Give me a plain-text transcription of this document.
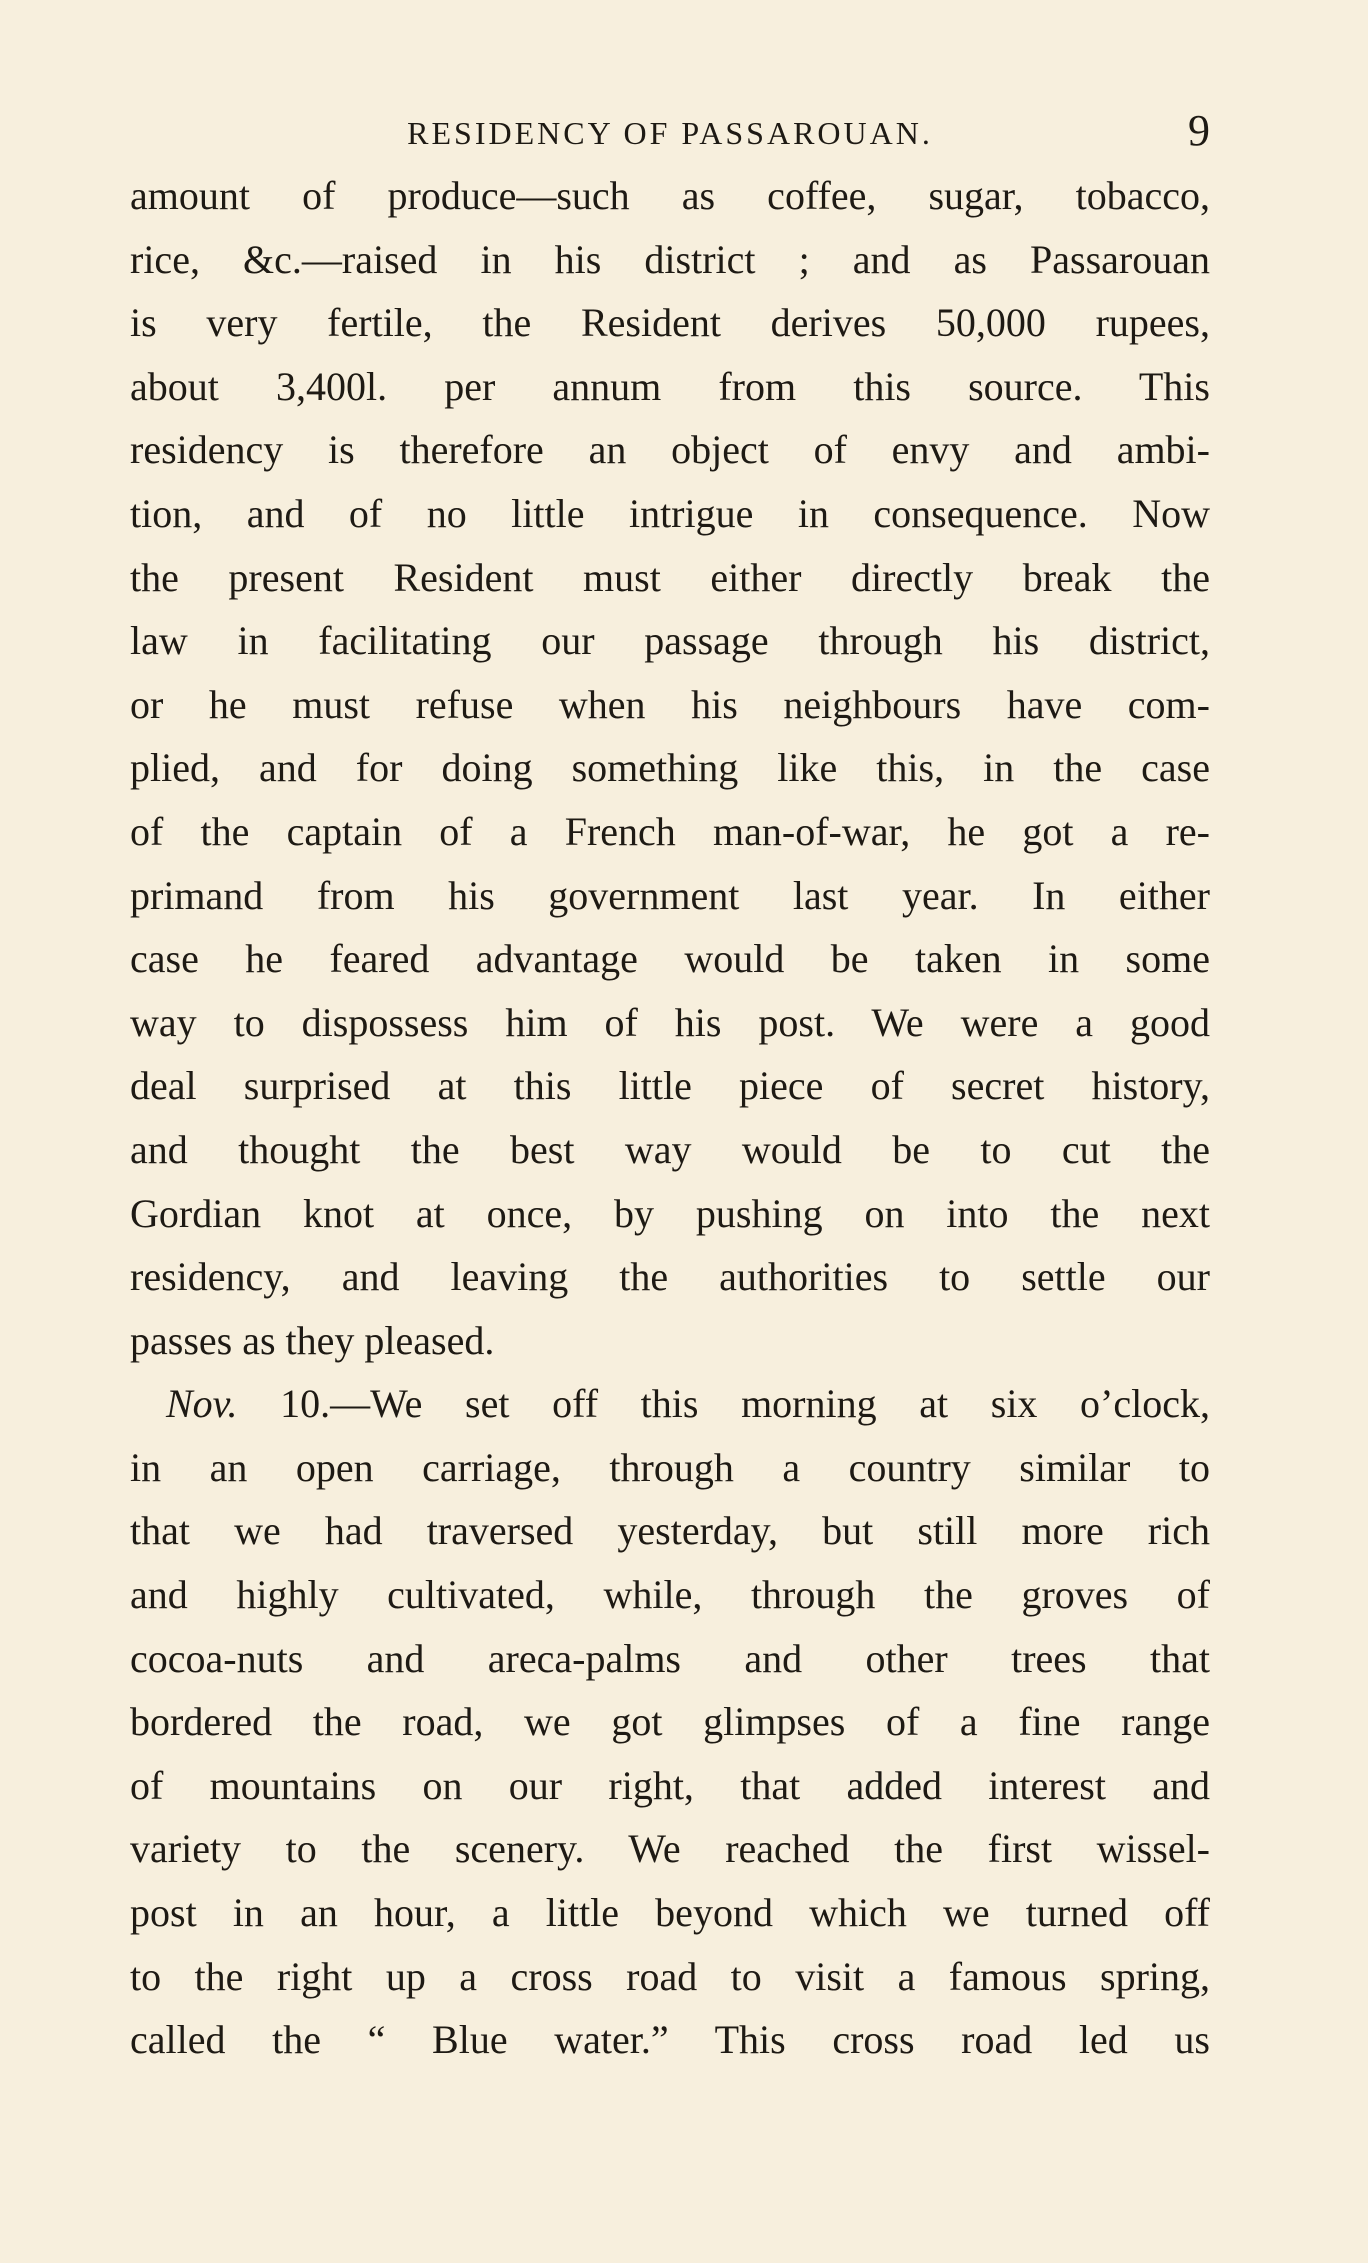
RESIDENCY OF PASSAROUAN.	9
amount of produce—such as coffee, sugar, tobacco,
rice, &c.—raised in his district ; and as Passarouan
is very fertile, the Resident derives 50,000 rupees,
about 3,400l. per annum from this source. This
residency is therefore an object of envy and ambi-
tion, and of no little intrigue in consequence. Now
the present Resident must either directly break the
law in facilitating our passage through his district,
or he must refuse when his neighbours have com-
plied, and for doing something like this, in the case
of the captain of a French man-of-war, he got a re-
primand from his government last year. In either
case he feared advantage would be taken in some
way to dispossess him of his post. We were a good
deal surprised at this little piece of secret history,
and thought the best way would be to cut the
Gordian knot at once, by pushing on into the next
residency, and leaving the authorities to settle our
passes as they pleased.
Nov. 10.—We set off this morning at six o’clock,
in an open carriage, through a country similar to
that we had traversed yesterday, but still more rich
and highly cultivated, while, through the groves of
cocoa-nuts and areca-palms and other trees that
bordered the road, we got glimpses of a fine range
of mountains on our right, that added interest and
variety to the scenery. We reached the first wissel-
post in an hour, a little beyond which we turned off
to the right up a cross road to visit a famous spring,
called the “ Blue water.” This cross road led us
